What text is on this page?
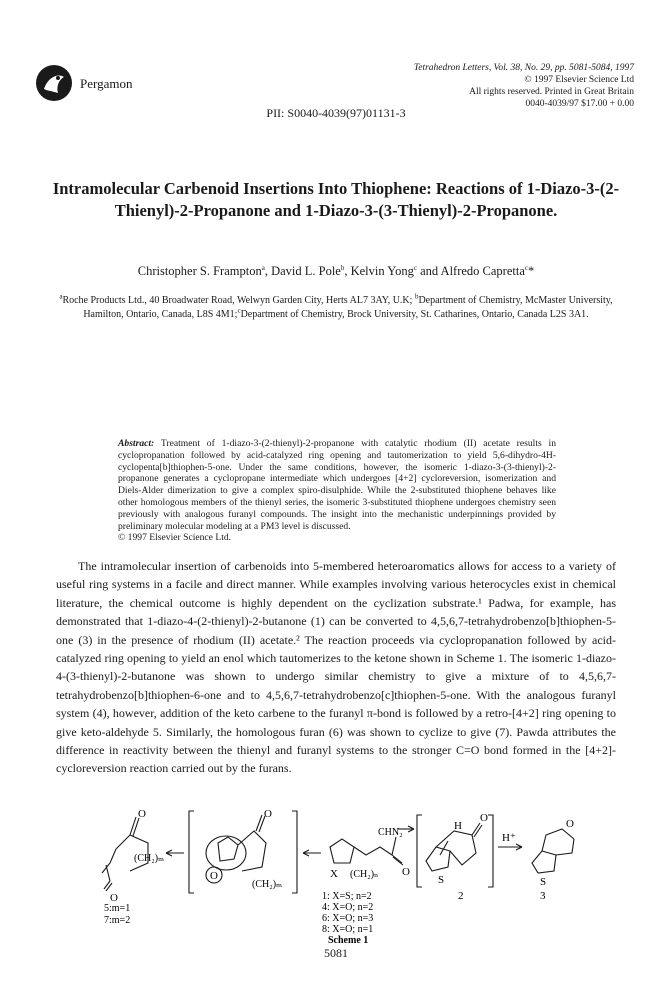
Pergamon
Tetrahedron Letters, Vol. 38, No. 29, pp. 5081-5084, 1997
© 1997 Elsevier Science Ltd
All rights reserved. Printed in Great Britain
0040-4039/97 $17.00 + 0.00
PII: S0040-4039(97)01131-3
Intramolecular Carbenoid Insertions Into Thiophene: Reactions of 1-Diazo-3-(2-Thienyl)-2-Propanone and 1-Diazo-3-(3-Thienyl)-2-Propanone.
Christopher S. Frampton$^a$, David L. Pole$^b$, Kelvin Yong$^c$ and Alfredo Capretta$^c$*
$^a$Roche Products Ltd., 40 Broadwater Road, Welwyn Garden City, Herts AL7 3AY, U.K; $^b$Department of Chemistry, McMaster University, Hamilton, Ontario, Canada, L8S 4M1;$^c$Department of Chemistry, Brock University, St. Catharines, Ontario, Canada L2S 3A1.
Abstract: Treatment of 1-diazo-3-(2-thienyl)-2-propanone with catalytic rhodium (II) acetate results in cyclopropanation followed by acid-catalyzed ring opening and tautomerization to yield 5,6-dihydro-4H-cyclopenta[b]thiophen-5-one. Under the same conditions, however, the isomeric 1-diazo-3-(3-thienyl)-2-propanone generates a cyclopropane intermediate which undergoes [4+2] cycloreversion, isomerization and Diels-Alder dimerization to give a complex spiro-disulphide. While the 2-substituted thiophene behaves like other homologous members of the thienyl series, the isomeric 3-substituted thiophene undergoes chemistry seen previously with analogous furanyl compounds. The insight into the mechanistic underpinnings provided by preliminary molecular modeling at a PM3 level is discussed.
© 1997 Elsevier Science Ltd.

The intramolecular insertion of carbenoids into 5-membered heteroaromatics allows for access to a variety of useful ring systems in a facile and direct manner. While examples involving various heterocycles exist in chemical literature, the chemical outcome is highly dependent on the cyclization substrate.¹ Padwa, for example, has demonstrated that 1-diazo-4-(2-thienyl)-2-butanone (1) can be converted to 4,5,6,7-tetrahydrobenzo[b]thiophen-5-one (3) in the presence of rhodium (II) acetate.² The reaction proceeds via cyclopropanation followed by acid-catalyzed ring opening to yield an enol which tautomerizes to the ketone shown in Scheme 1. The isomeric 1-diazo-4-(3-thienyl)-2-butanone was shown to undergo similar chemistry to give a mixture of to 4,5,6,7-tetrahydrobenzo[b]thiophen-6-one and to 4,5,6,7-tetrahydrobenzo[c]thiophen-5-one. With the analogous furanyl system (4), however, addition of the keto carbene to the furanyl π-bond is followed by a retro-[4+2] ring opening to give keto-aldehyde 5. Similarly, the homologous furan (6) was shown to cyclize to give (7). Pawda attributes the difference in reactivity between the thienyl and furanyl systems to the stronger C=O bond formed in the [4+2]-cycloreversion reaction carried out by the furans.

O
(CH₂)ₘ
O
O
O
(CH₂)ₘ
X (CH₂)ₙ
CHN₂
O
H
O
S
H⁺
S
O
2	3
5:m=1
7:m=2
1: X=S; n=2
4: X=O; n=2
6: X=O; n=3
8: X=O; n=1
Scheme 1
5081
